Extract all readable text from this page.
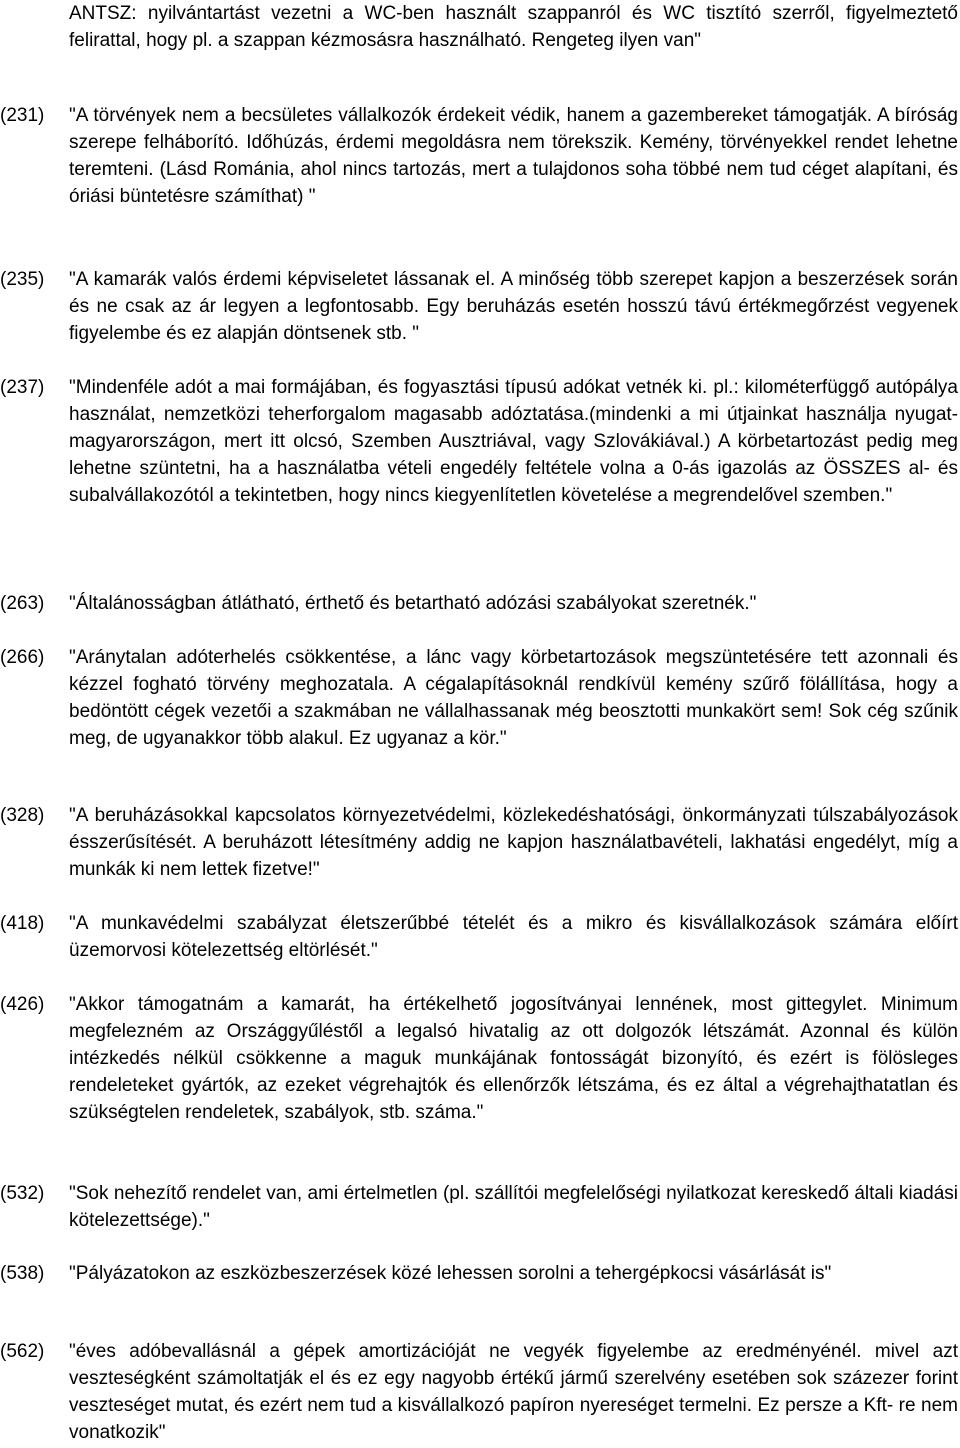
ANTSZ: nyilvántartást vezetni a WC-ben használt szappanról és WC tisztító szerről, figyelmeztető felirattal, hogy pl. a szappan kézmosásra használható. Rengeteg ilyen van"
(231) "A törvények nem a becsületes vállalkozók érdekeit védik, hanem a gazembereket támogatják. A bíróság szerepe felháborító. Időhúzás, érdemi megoldásra nem törekszik. Kemény, törvényekkel rendet lehetne teremteni. (Lásd Románia, ahol nincs tartozás, mert a tulajdonos soha többé nem tud céget alapítani, és óriási büntetésre számíthat) "
(235) "A kamarák valós érdemi képviseletet lássanak el. A minőség több szerepet kapjon a beszerzések során és ne csak az ár legyen a legfontosabb. Egy beruházás esetén hosszú távú értékmegőrzést vegyenek figyelembe és ez alapján döntsenek stb. "
(237) "Mindenféle adót a mai formájában, és fogyasztási típusú adókat vetnék ki. pl.: kilométerfüggő autópálya használat, nemzetközi teherforgalom magasabb adóztatása.(mindenki a mi útjainkat használja nyugat-magyarországon, mert itt olcsó, Szemben Ausztriával, vagy Szlovákiával.) A körbetartozást pedig meg lehetne szüntetni, ha a használatba vételi engedély feltétele volna a 0-ás igazolás az ÖSSZES al- és subalvállakozótól a tekintetben, hogy nincs kiegyenlítetlen követelése a megrendelővel szemben."
(263) "Általánosságban átlátható, érthető és betartható adózási szabályokat szeretnék."
(266) "Aránytalan adóterhelés csökkentése, a lánc vagy körbetartozások megszüntetésére tett azonnali és kézzel fogható törvény meghozatala. A cégalapításoknál rendkívül kemény szűrő fölállítása, hogy a bedöntött cégek vezetői a szakmában ne vállalhassanak még beosztotti munkakört sem! Sok cég szűnik meg, de ugyanakkor több alakul. Ez ugyanaz a kör."
(328) "A beruházásokkal kapcsolatos környezetvédelmi, közlekedéshatósági, önkormányzati túlszabályozások ésszerűsítését. A beruházott létesítmény addig ne kapjon használatbavételi, lakhatási engedélyt, míg a munkák ki nem lettek fizetve!"
(418) "A munkavédelmi szabályzat életszerűbbé tételét és a mikro és kisvállalkozások számára előírt üzemorvosi kötelezettség eltörlését."
(426) "Akkor támogatnám a kamarát, ha értékelhető jogosítványai lennének, most gittegylet. Minimum megfelezném az Országgyűléstől a legalsó hivatalig az ott dolgozók létszámát. Azonnal és külön intézkedés nélkül csökkenne a maguk munkájának fontosságát bizonyító, és ezért is fölösleges rendeleteket gyártók, az ezeket végrehajtók és ellenőrzők létszáma, és ez által a végrehajthatatlan és szükségtelen rendeletek, szabályok, stb. száma."
(532) "Sok nehezítő rendelet van, ami értelmetlen (pl. szállítói megfelelőségi nyilatkozat kereskedő általi kiadási kötelezettsége)."
(538) "Pályázatokon az eszközbeszerzések közé lehessen sorolni a tehergépkocsi vásárlását is"
(562) "éves adóbevallásnál a gépek amortizációját ne vegyék figyelembe az eredményénél. mivel azt veszteségként számoltatják el és ez egy nagyobb értékű jármű szerelvény esetében sok százezer forint veszteséget mutat, és ezért nem tud a kisvállalkozó papíron nyereséget termelni. Ez persze a Kft- re nem vonatkozik"
